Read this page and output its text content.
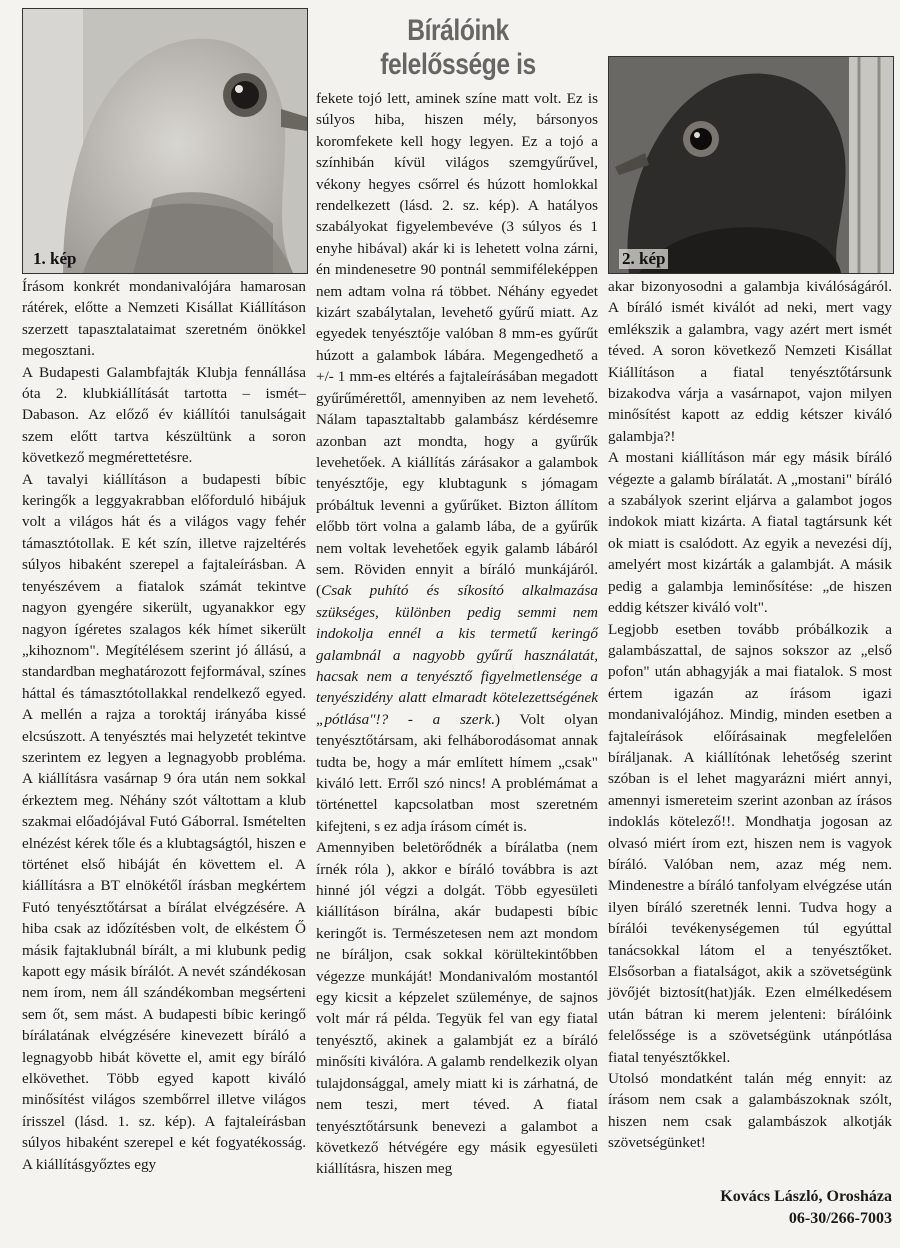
Bírálóink felelőssége is
1. kép	2. kép

Írásom konkrét mondanivalójára hamarosan rátérek, előtte a Nemzeti Kisállat Kiállításon szerzett tapasztalataimat szeretném önökkel megosztani.

A Budapesti Galambfajták Klubja fennállása óta 2. klubkiállítását tartotta – ismét– Dabason. Az előző év kiállítói tanulságait szem előtt tartva készültünk a soron következő megmérettetésre.

A tavalyi kiállításon a budapesti bíbic keringők a leggyakrabban előforduló hibájuk volt a világos hát és a világos vagy fehér támasztótollak. E két szín, illetve rajzeltérés súlyos hibaként szerepel a fajtaleírásban. A tenyészévem a fiatalok számát tekintve nagyon gyengére sikerült, ugyanakkor egy nagyon ígéretes szalagos kék hímet sikerült „kihoznom". Megítélésem szerint jó állású, a standardban meghatározott fejformával, színes háttal és támasztótollakkal rendelkező egyed. A mellén a rajza a toroktáj irányába kissé elcsúszott. A tenyésztés mai helyzetét tekintve szerintem ez legyen a legnagyobb probléma. A kiállításra vasárnap 9 óra után nem sokkal érkeztem meg. Néhány szót váltottam a klub szakmai előadójával Futó Gáborral. Ismételten elnézést kérek tőle és a klubtagságtól, hiszen e történet első hibáját én követtem el. A kiállításra a BT elnökétől írásban megkértem Futó tenyésztőtársat a bírálat elvégzésére. A hiba csak az időzítésben volt, de elkéstem Ő másik fajtaklubnál bírált, a mi klubunk pedig kapott egy másik bírálót. A nevét szándékosan nem írom, nem áll szándékomban megsérteni sem őt, sem mást. A budapesti bíbic keringő bírálatának elvégzésére kinevezett bíráló a legnagyobb hibát követte el, amit egy bíráló elkövethet. Több egyed kapott kiváló minősítést világos szembőrrel illetve világos írisszel (lásd. 1. sz. kép). A fajtaleírásban súlyos hibaként szerepel e két fogyatékosság. A kiállításgyőztes egy

fekete tojó lett, aminek színe matt volt. Ez is súlyos hiba, hiszen mély, bársonyos koromfekete kell hogy legyen. Ez a tojó a színhibán kívül világos szemgyűrűvel, vékony hegyes csőrrel és húzott homlokkal rendelkezett (lásd. 2. sz. kép). A hatályos szabályokat figyelembevéve (3 súlyos és 1 enyhe hibával) akár ki is lehetett volna zárni, én mindenesetre 90 pontnál semmiféleképpen nem adtam volna rá többet. Néhány egyedet kizárt szabálytalan, levehető gyűrű miatt. Az egyedek tenyésztője valóban 8 mm-es gyűrűt húzott a galambok lábára. Megengedhető a +/- 1 mm-es eltérés a fajtaleírásában megadott gyűrűmérettől, amennyiben az nem levehető. Nálam tapasztaltabb galambász kérdésemre azonban azt mondta, hogy a gyűrűk levehetőek. A kiállítás zárásakor a galambok tenyésztője, egy klubtagunk s jómagam próbáltuk levenni a gyűrűket. Bizton állítom előbb tört volna a galamb lába, de a gyűrűk nem voltak levehetőek egyik galamb lábáról sem. Röviden ennyit a bíráló munkájáról. (Csak puhító és síkosító alkalmazása szükséges, különben pedig semmi nem indokolja ennél a kis termetű keringő galambnál a nagyobb gyűrű használatát, hacsak nem a tenyésztő figyelmetlensége a tenyészidény alatt elmaradt kötelezettségének „pótlása"!? - a szerk.) Volt olyan tenyésztőtársam, aki felháborodásomat annak tudta be, hogy a már említett hímem „csak" kiváló lett. Erről szó nincs! A problémámat a történettel kapcsolatban most szeretném kifejteni, s ez adja írásom címét is.

Amennyiben beletörődnék a bírálatba (nem írnék róla ), akkor e bíráló továbbra is azt hinné jól végzi a dolgát. Több egyesületi kiállításon bírálna, akár budapesti bíbic keringőt is. Természetesen nem azt mondom ne bíráljon, csak sokkal körültekintőbben végezze munkáját! Mondanivalóm mostantól egy kicsit a képzelet szüleménye, de sajnos volt már rá példa. Tegyük fel van egy fiatal tenyésztő, akinek a galambját ez a bíráló minősíti kiválóra. A galamb rendelkezik olyan tulajdonsággal, amely miatt ki is zárhatná, de nem teszi, mert téved. A fiatal tenyésztőtársunk benevezi a galambot a következő hétvégére egy másik egyesületi kiállításra, hiszen meg

akar bizonyosodni a galambja kiválóságáról. A bíráló ismét kiválót ad neki, mert vagy emlékszik a galambra, vagy azért mert ismét téved. A soron következő Nemzeti Kisállat Kiállításon a fiatal tenyésztőtársunk bizakodva várja a vasárnapot, vajon milyen minősítést kapott az eddig kétszer kiváló galambja?!

A mostani kiállításon már egy másik bíráló végezte a galamb bírálatát. A „mostani" bíráló a szabályok szerint eljárva a galambot jogos indokok miatt kizárta. A fiatal tagtársunk két ok miatt is csalódott. Az egyik a nevezési díj, amelyért most kizárták a galambját. A másik pedig a galambja leminősítése: „de hiszen eddig kétszer kiváló volt".

Legjobb esetben tovább próbálkozik a galambászattal, de sajnos sokszor az „első pofon" után abhagyják a mai fiatalok. S most értem igazán az írásom igazi mondanivalójához. Mindig, minden esetben a fajtaleírások előírásainak megfelelően bíráljanak. A kiállítónak lehetőség szerint szóban is el lehet magyarázni miért annyi, amennyi ismereteim szerint azonban az írásos indoklás kötelező!!. Mondhatja jogosan az olvasó miért írom ezt, hiszen nem is vagyok bíráló. Valóban nem, azaz még nem. Mindenestre a bíráló tanfolyam elvégzése után ilyen bíráló szeretnék lenni. Tudva hogy a bírálói tevékenységemen túl egyúttal tanácsokkal látom el a tenyésztőket. Elsősorban a fiatalságot, akik a szövetségünk jövőjét biztosít(hat)ják. Ezen elmélkedésem után bátran ki merem jelenteni: bírálóink felelőssége is a szövetségünk utánpótlása fiatal tenyésztőkkel.

Utolsó mondatként talán még ennyit: az írásom nem csak a galambászoknak szólt, hiszen nem csak galambászok alkotják szövetségünket!

Kovács László, Orosháza
06-30/266-7003
